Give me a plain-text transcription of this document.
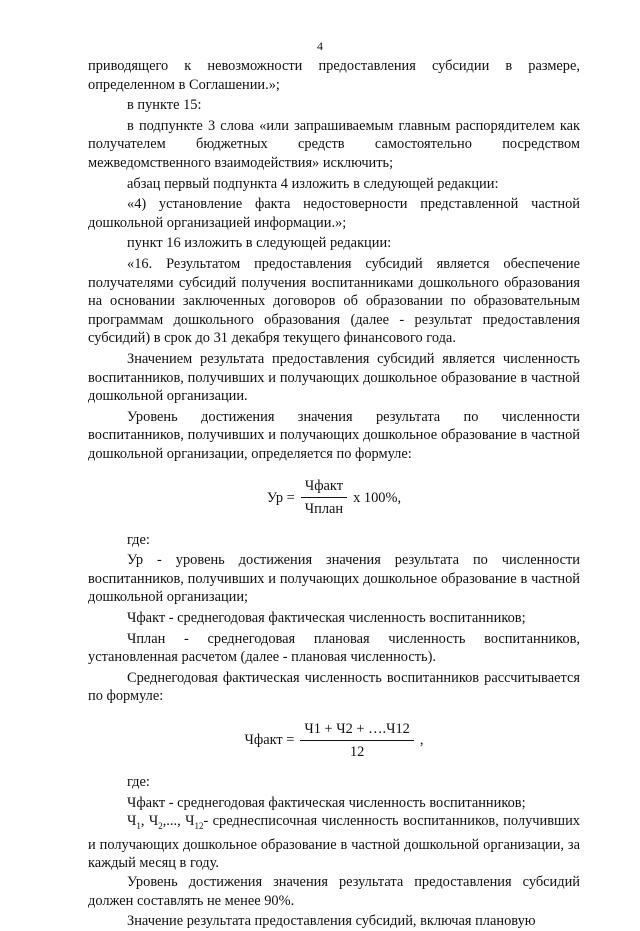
4

приводящего к невозможности предоставления субсидии в размере, определенном в Соглашении.»;

в пункте 15:

в подпункте 3 слова «или запрашиваемым главным распорядителем как получателем бюджетных средств самостоятельно посредством межведомственного взаимодействия» исключить;

абзац первый подпункта 4 изложить в следующей редакции:

«4) установление факта недостоверности представленной частной дошкольной организацией информации.»;

пункт 16 изложить в следующей редакции:

«16. Результатом предоставления субсидий является обеспечение получателями субсидий получения воспитанниками дошкольного образования на основании заключенных договоров об образовании по образовательным программам дошкольного образования (далее - результат предоставления субсидий) в срок до 31 декабря текущего финансового года.

Значением результата предоставления субсидий является численность воспитанников, получивших и получающих дошкольное образование в частной дошкольной организации.

Уровень достижения значения результата по численности воспитанников, получивших и получающих дошкольное образование в частной дошкольной организации, определяется по формуле:

Ур = $\frac{\text{Чфакт}}{\text{Чплан}}$ x 100%,

где:

Ур - уровень достижения значения результата по численности воспитанников, получивших и получающих дошкольное образование в частной дошкольной организации;

Чфакт - среднегодовая фактическая численность воспитанников;

Чплан - среднегодовая плановая численность воспитанников, установленная расчетом (далее - плановая численность).

Среднегодовая фактическая численность воспитанников рассчитывается по формуле:

Чфакт = $\frac{Ч1 + Ч2 + \dots.Ч12}{12}$ ,

где:

Чфакт - среднегодовая фактическая численность воспитанников;

$Ч_1$, $Ч_2$,..., $Ч_{12}-$ среднесписочная численность воспитанников, получивших и получающих дошкольное образование в частной дошкольной организации, за каждый месяц в году.

Уровень достижения значения результата предоставления субсидий должен составлять не менее 90%.

Значение результата предоставления субсидий, включая плановую
